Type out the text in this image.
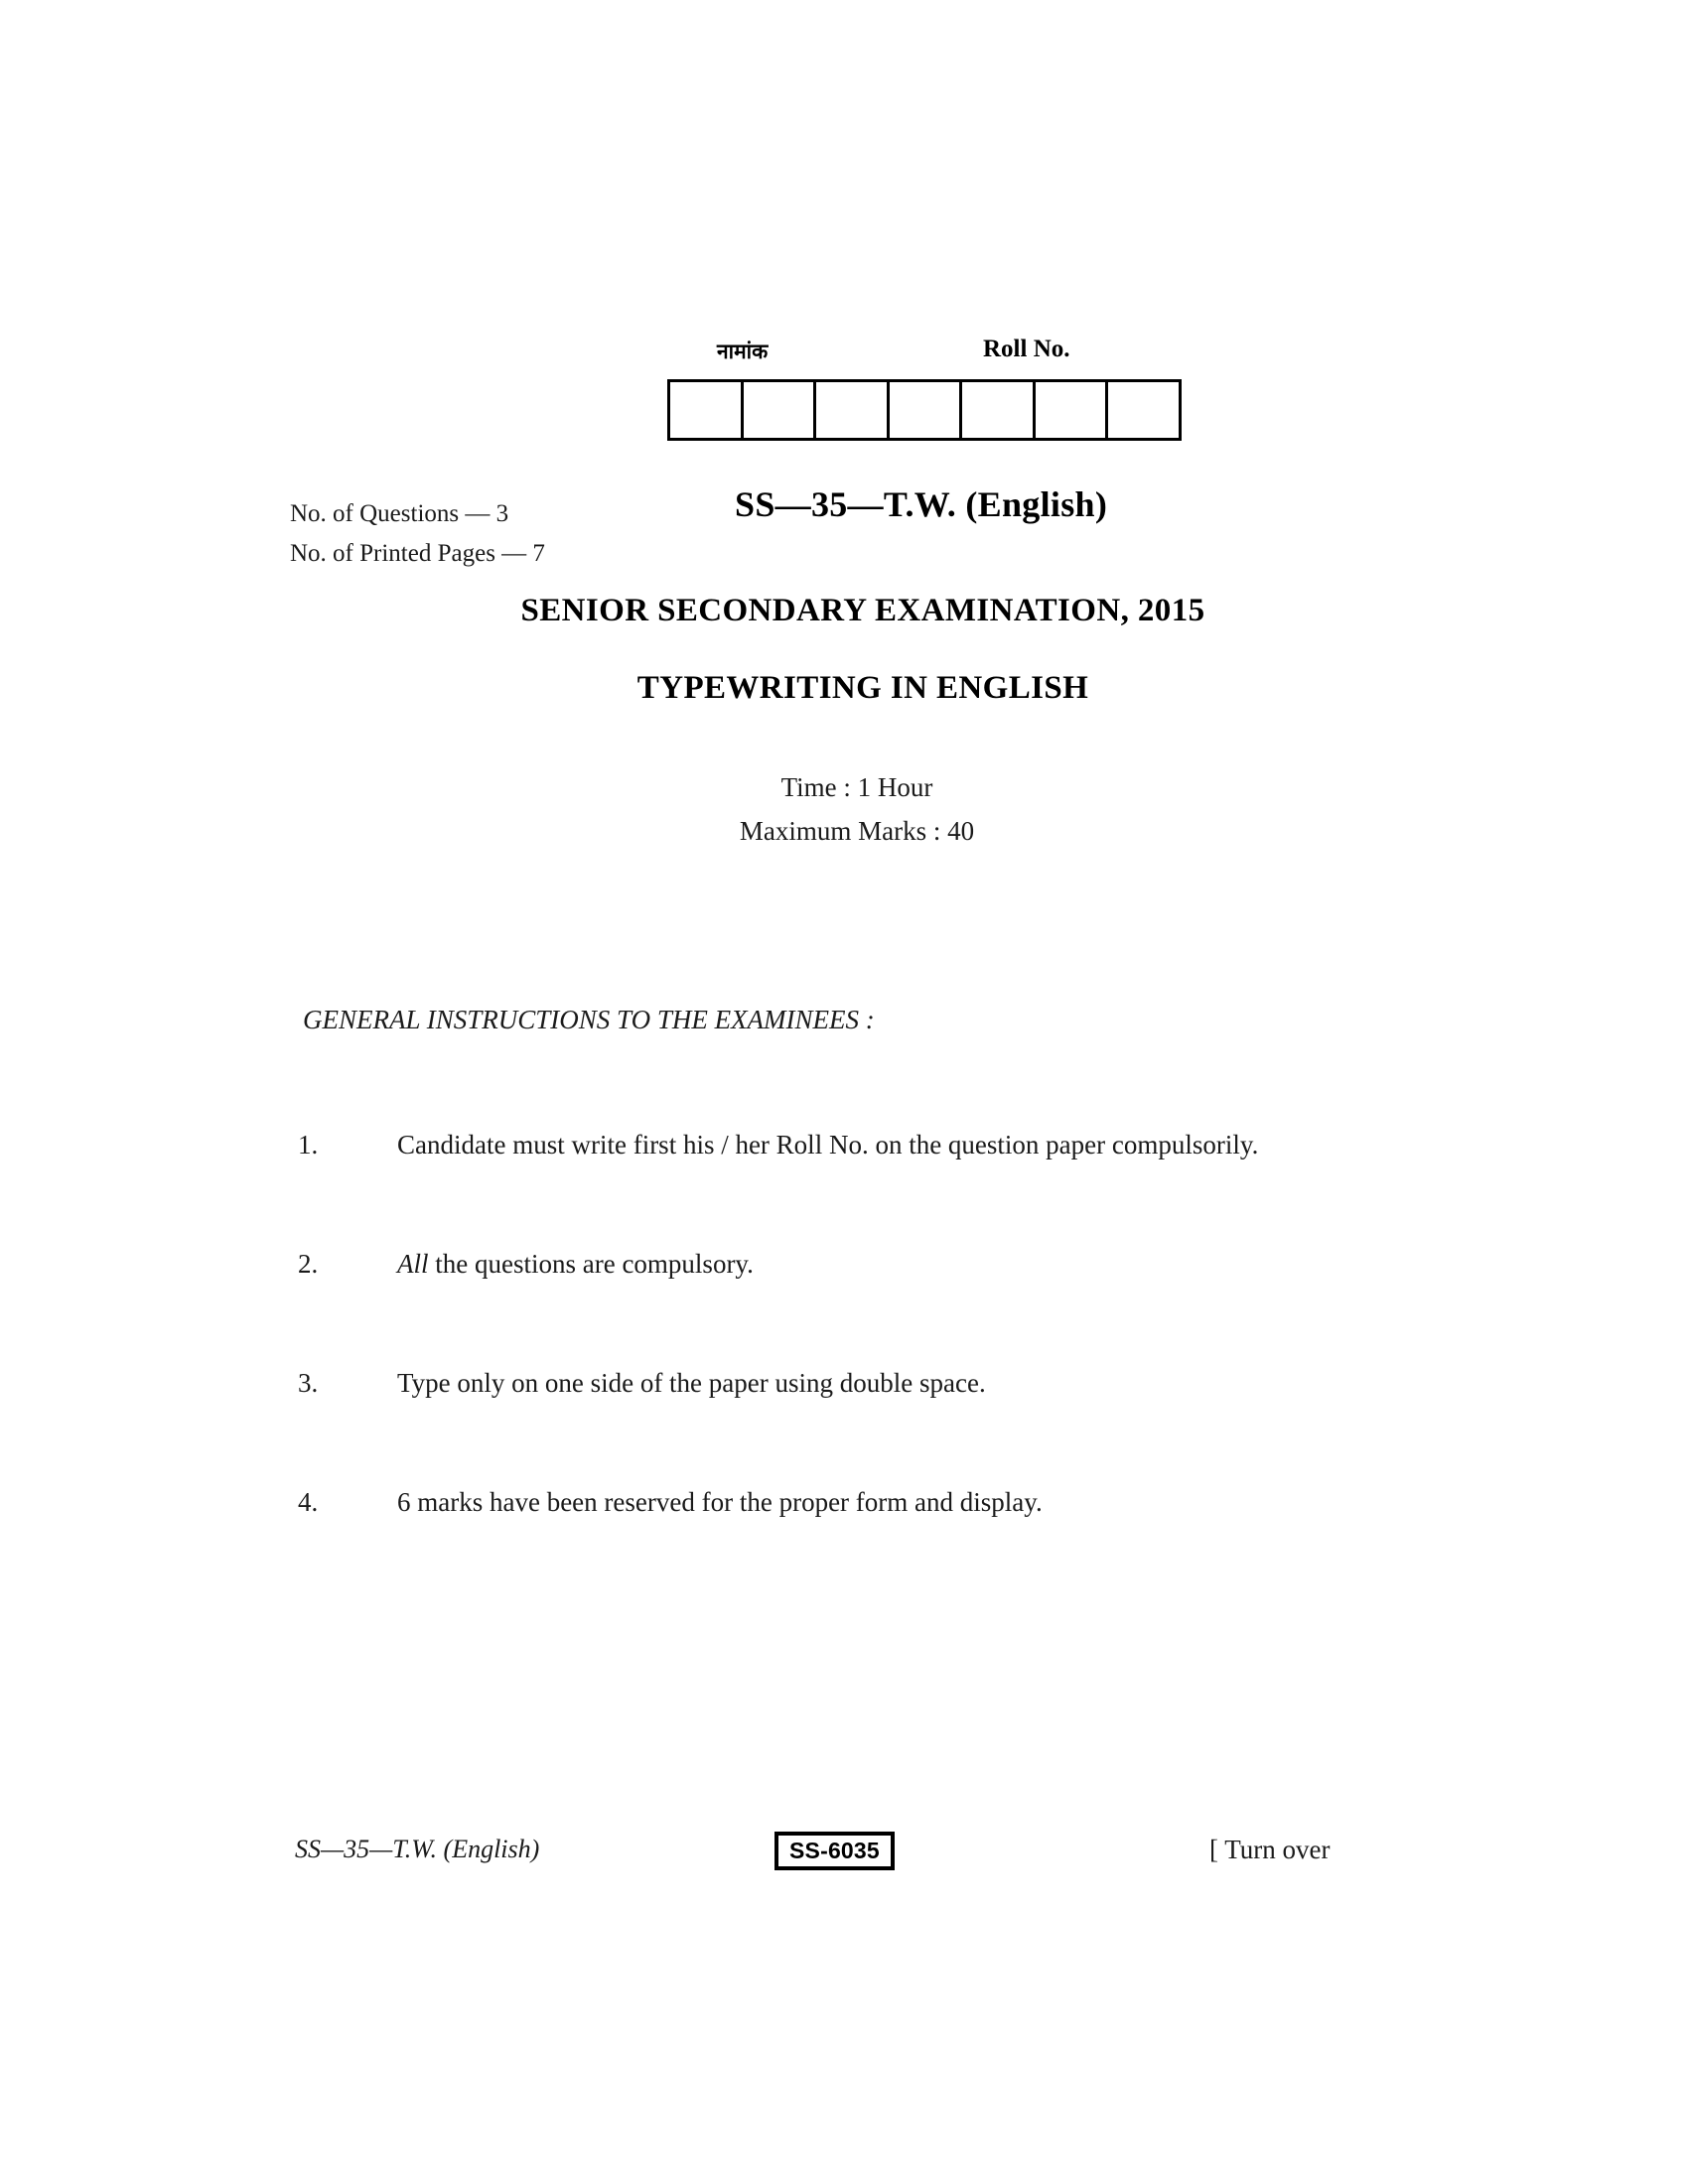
नामांक	Roll No.
No. of Questions — 3
No. of Printed Pages — 7
SS—35—T.W. (English)
SENIOR SECONDARY EXAMINATION, 2015
TYPEWRITING IN ENGLISH
Time : 1 Hour
Maximum Marks : 40
GENERAL INSTRUCTIONS TO THE EXAMINEES :
1.	Candidate must write first his / her Roll No. on the question paper compulsorily.
2.	All the questions are compulsory.
3.	Type only on one side of the paper using double space.
4.	6 marks have been reserved for the proper form and display.
SS—35—T.W. (English)	SS-6035	[ Turn over
